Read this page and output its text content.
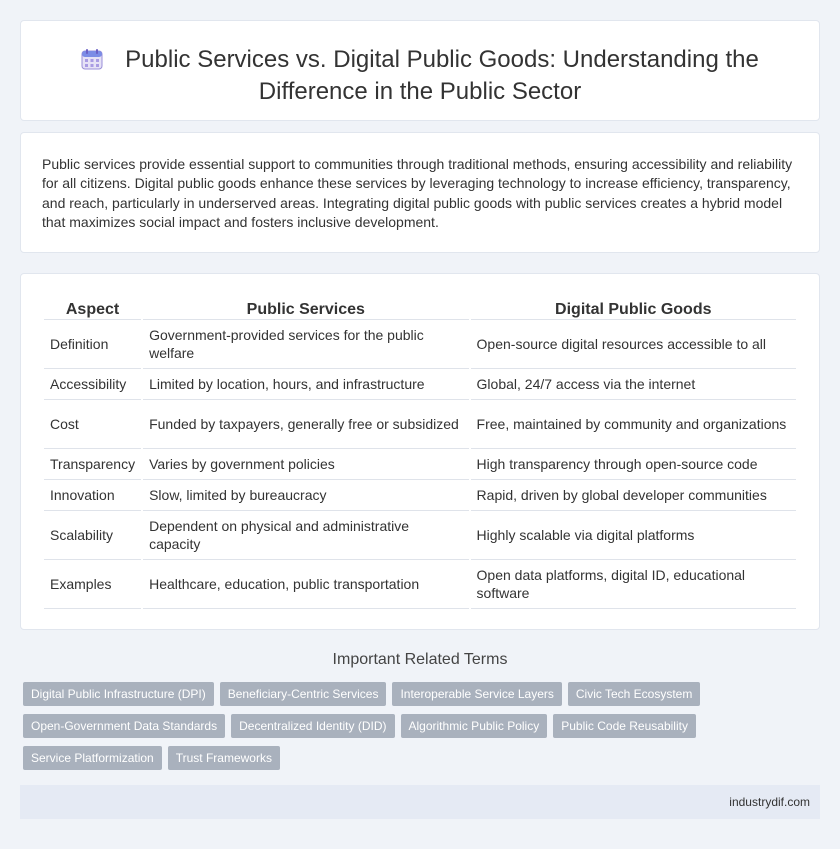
Public Services vs. Digital Public Goods: Understanding the
Difference in the Public Sector

Public services provide essential support to communities through traditional methods, ensuring accessibility and reliability for all citizens. Digital public goods enhance these services by leveraging technology to increase efficiency, transparency, and reach, particularly in underserved areas. Integrating digital public goods with public services creates a hybrid model that maximizes social impact and fosters inclusive development.

Aspect	Public Services	Digital Public Goods
Definition	Government-provided services for the public welfare	Open-source digital resources accessible to all
Accessibility	Limited by location, hours, and infrastructure	Global, 24/7 access via the internet
Cost	Funded by taxpayers, generally free or subsidized	Free, maintained by community and organizations
Transparency	Varies by government policies	High transparency through open-source code
Innovation	Slow, limited by bureaucracy	Rapid, driven by global developer communities
Scalability	Dependent on physical and administrative capacity	Highly scalable via digital platforms
Examples	Healthcare, education, public transportation	Open data platforms, digital ID, educational software
Important Related Terms
Digital Public Infrastructure (DPI)	Beneficiary-Centric Services	Interoperable Service Layers	Civic Tech Ecosystem
Open-Government Data Standards	Decentralized Identity (DID)	Algorithmic Public Policy	Public Code Reusability
Service Platformization	Trust Frameworks
industrydif.com
